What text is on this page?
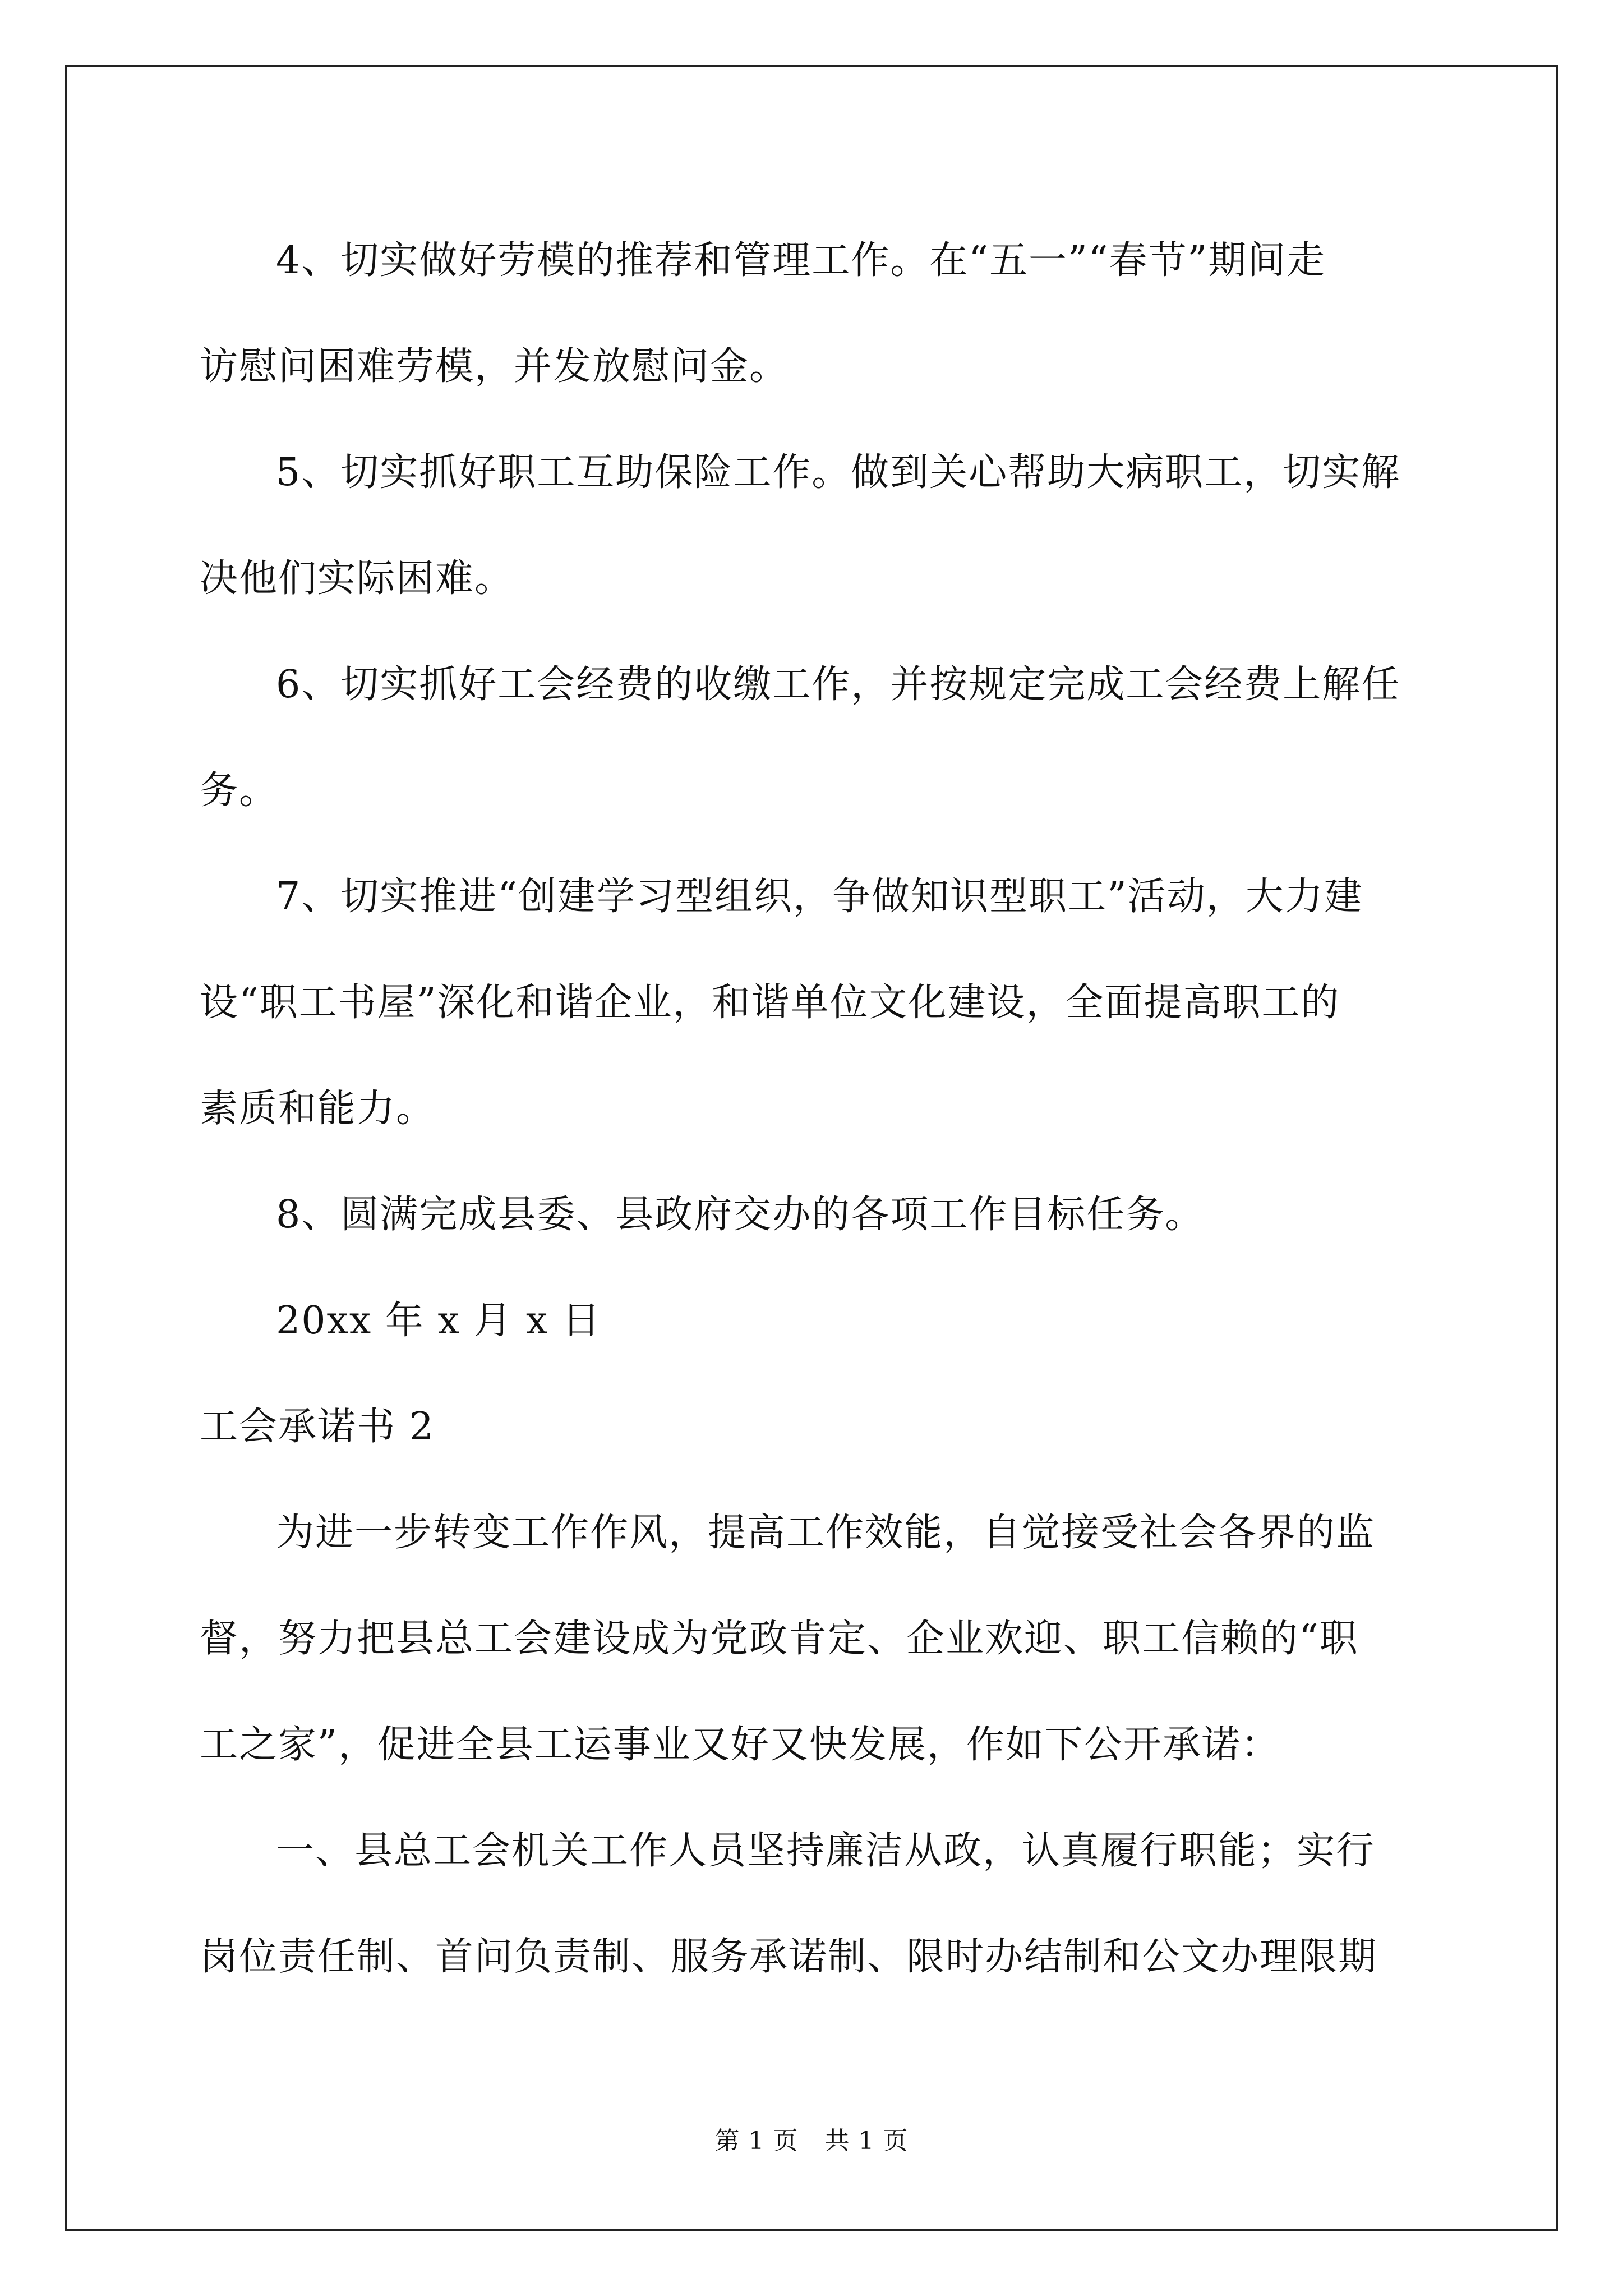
4、切实做好劳模的推荐和管理工作。在“五一”“春节”期间走

访慰问困难劳模，并发放慰问金。

5、切实抓好职工互助保险工作。做到关心帮助大病职工，切实解

决他们实际困难。

6、切实抓好工会经费的收缴工作，并按规定完成工会经费上解任

务。

7、切实推进“创建学习型组织，争做知识型职工”活动，大力建

设“职工书屋”深化和谐企业，和谐单位文化建设，全面提高职工的

素质和能力。

8、圆满完成县委、县政府交办的各项工作目标任务。

20xx 年 x 月 x 日

工会承诺书 2

为进一步转变工作作风，提高工作效能，自觉接受社会各界的监

督，努力把县总工会建设成为党政肯定、企业欢迎、职工信赖的“职

工之家”，促进全县工运事业又好又快发展，作如下公开承诺：

一、县总工会机关工作人员坚持廉洁从政，认真履行职能；实行

岗位责任制、首问负责制、服务承诺制、限时办结制和公文办理限期

第 1 页 共 1 页
